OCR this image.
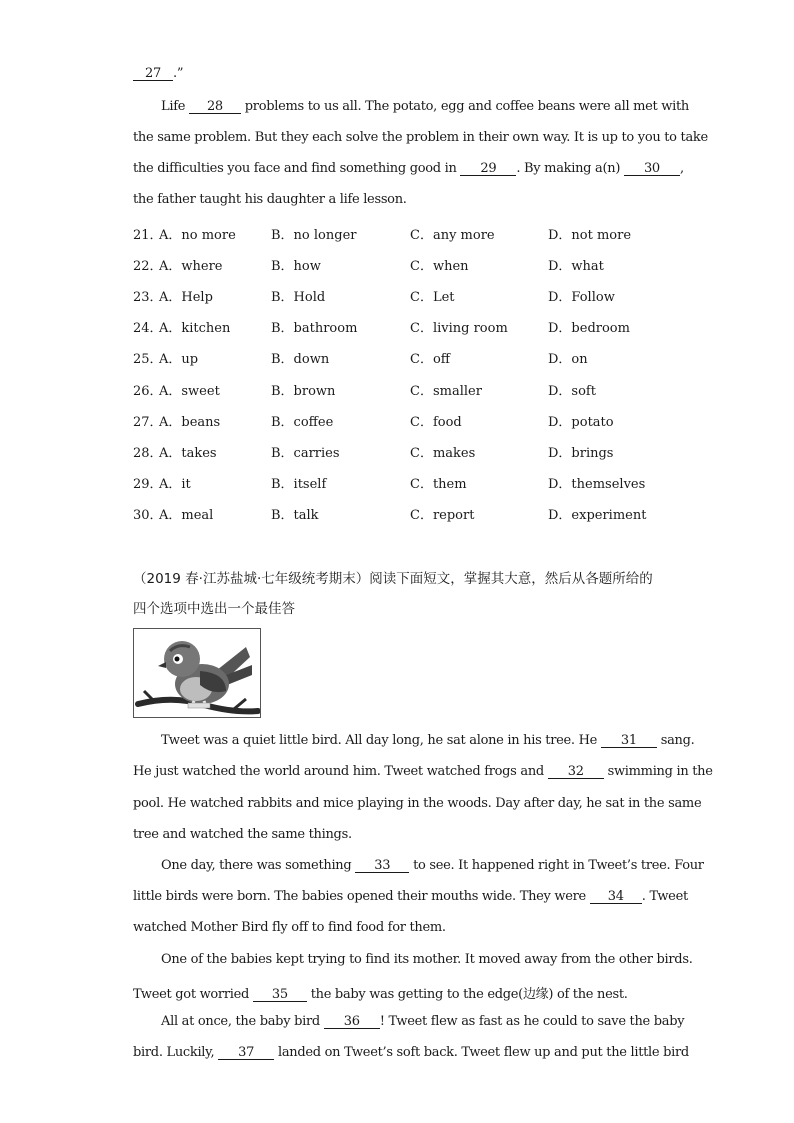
27 .”
Life 28 problems to us all. The potato, egg and coffee beans were all met with
the same problem. But they each solve the problem in their own way. It is up to you to take
the difficulties you face and find something good in 29 . By making a(n) 30 ,
the father taught his daughter a life lesson.
21．
A．no more	B．no longer	C．any more	D．not more
22．
A．where	B．how	C．when	D．what
23．
A．Help	B．Hold	C．Let	D．Follow
24．
A．kitchen	B．bathroom	C．living room	D．bedroom
25．
A．up	B．down	C．off	D．on
26．
A．sweet	B．brown	C．smaller	D．soft
27．
A．beans	B．coffee	C．food	D．potato
28．
A．takes	B．carries	C．makes	D．brings
29．
A．it	B．itself	C．them	D．themselves
30．
A．meal	B．talk	C．report	D．experiment
（2019 春·江苏盐城·七年级统考期末）阅读下面短文，掌握其大意，然后从各题所给的
四个选项中选出一个最佳答
Tweet was a quiet little bird. All day long, he sat alone in his tree. He 31 sang.
He just watched the world around him. Tweet watched frogs and 32 swimming in the
pool. He watched rabbits and mice playing in the woods. Day after day, he sat in the same
tree and watched the same things.
One day, there was something 33 to see. It happened right in Tweet’s tree. Four
little birds were born. The babies opened their mouths wide. They were 34 . Tweet
watched Mother Bird fly off to find food for them.
One of the babies kept trying to find its mother. It moved away from the other birds.
Tweet got worried 35 the baby was getting to the edge(边缘) of the nest.
All at once, the baby bird 36 ! Tweet flew as fast as he could to save the baby
bird. Luckily, 37 landed on Tweet’s soft back. Tweet flew up and put the little bird
